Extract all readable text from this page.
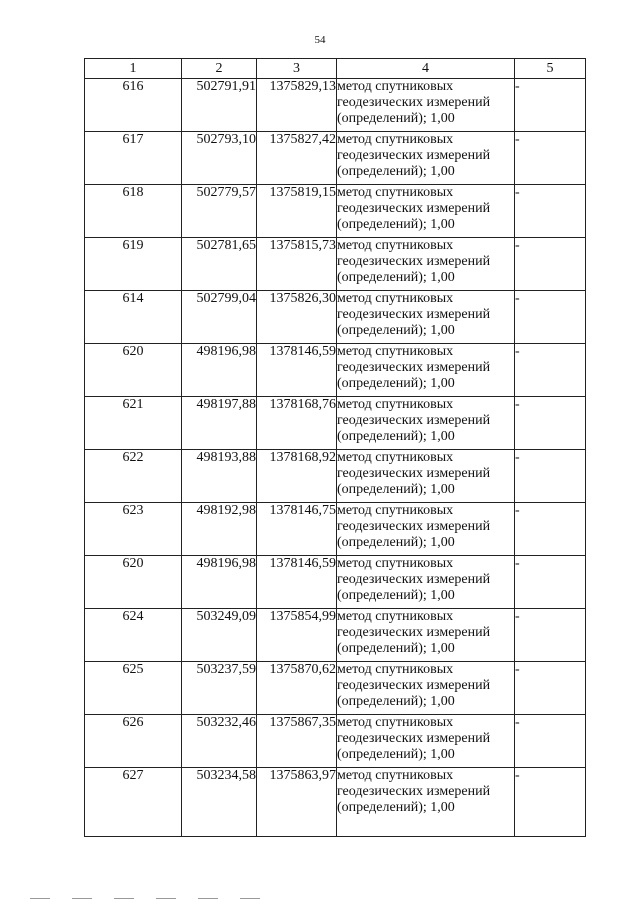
54
1	2	3	4	5
616	502791,91	1375829,13	метод спутниковых геодезических измерений (определений); 1,00	-
617	502793,10	1375827,42	метод спутниковых геодезических измерений (определений); 1,00	-
618	502779,57	1375819,15	метод спутниковых геодезических измерений (определений); 1,00	-
619	502781,65	1375815,73	метод спутниковых геодезических измерений (определений); 1,00	-
614	502799,04	1375826,30	метод спутниковых геодезических измерений (определений); 1,00	-
620	498196,98	1378146,59	метод спутниковых геодезических измерений (определений); 1,00	-
621	498197,88	1378168,76	метод спутниковых геодезических измерений (определений); 1,00	-
622	498193,88	1378168,92	метод спутниковых геодезических измерений (определений); 1,00	-
623	498192,98	1378146,75	метод спутниковых геодезических измерений (определений); 1,00	-
620	498196,98	1378146,59	метод спутниковых геодезических измерений (определений); 1,00	-
624	503249,09	1375854,99	метод спутниковых геодезических измерений (определений); 1,00	-
625	503237,59	1375870,62	метод спутниковых геодезических измерений (определений); 1,00	-
626	503232,46	1375867,35	метод спутниковых геодезических измерений (определений); 1,00	-
627	503234,58	1375863,97	метод спутниковых геодезических измерений (определений); 1,00	-
